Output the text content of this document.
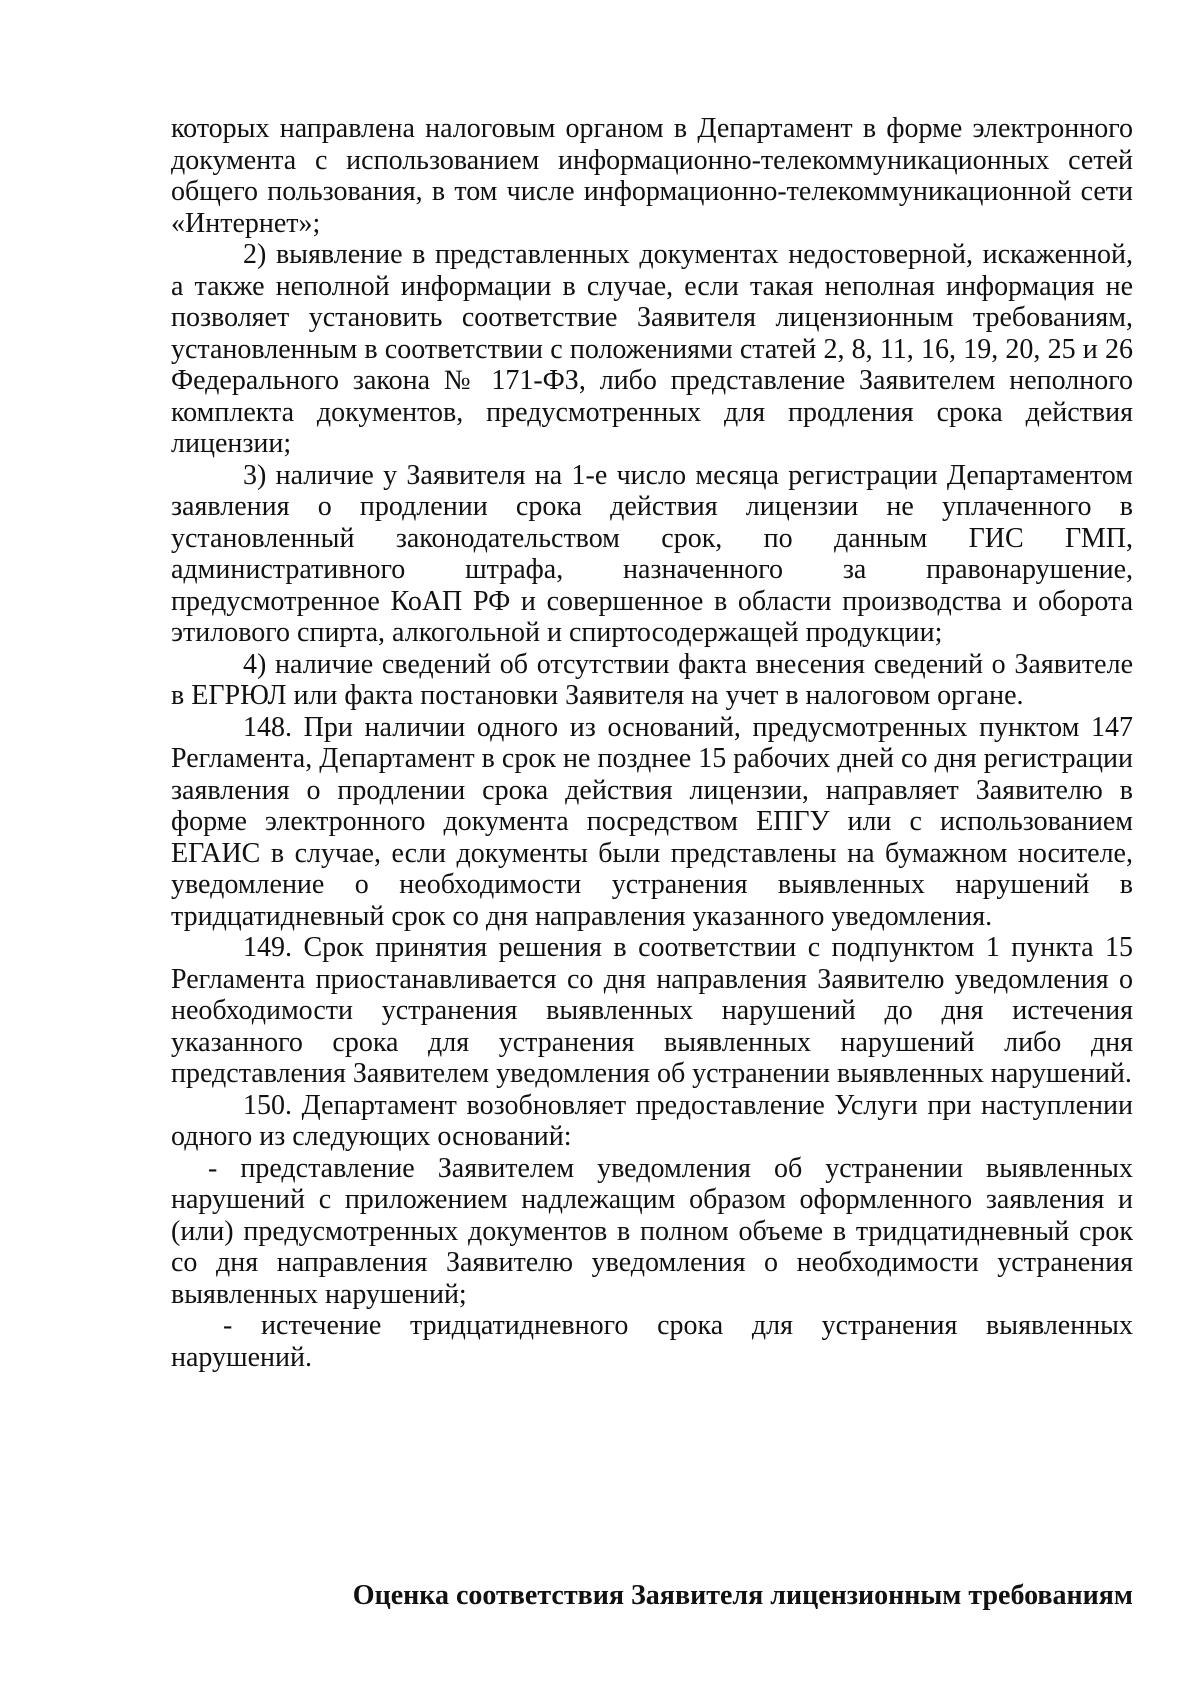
которых направлена налоговым органом в Департамент в форме электронного документа с использованием информационно-телекоммуникационных сетей общего пользования, в том числе информационно-телекоммуникационной сети «Интернет»;

2) выявление в представленных документах недостоверной, искаженной, а также неполной информации в случае, если такая неполная информация не позволяет установить соответствие Заявителя лицензионным требованиям, установленным в соответствии с положениями статей 2, 8, 11, 16, 19, 20, 25 и 26 Федерального закона № 171-ФЗ, либо представление Заявителем неполного комплекта документов, предусмотренных для продления срока действия лицензии;

3) наличие у Заявителя на 1-е число месяца регистрации Департаментом заявления о продлении срока действия лицензии не уплаченного в установленный законодательством срок, по данным ГИС ГМП, административного штрафа, назначенного за правонарушение, предусмотренное КоАП РФ и совершенное в области производства и оборота этилового спирта, алкогольной и спиртосодержащей продукции;

4) наличие сведений об отсутствии факта внесения сведений о Заявителе в ЕГРЮЛ или факта постановки Заявителя на учет в налоговом органе.

148. При наличии одного из оснований, предусмотренных пунктом 147 Регламента, Департамент в срок не позднее 15 рабочих дней со дня регистрации заявления о продлении срока действия лицензии, направляет Заявителю в форме электронного документа посредством ЕПГУ или с использованием ЕГАИС в случае, если документы были представлены на бумажном носителе, уведомление о необходимости устранения выявленных нарушений в тридцатидневный срок со дня направления указанного уведомления.

149. Срок принятия решения в соответствии с подпунктом 1 пункта 15 Регламента приостанавливается со дня направления Заявителю уведомления о необходимости устранения выявленных нарушений до дня истечения указанного срока для устранения выявленных нарушений либо дня представления Заявителем уведомления об устранении выявленных нарушений.

150. Департамент возобновляет предоставление Услуги при наступлении одного из следующих оснований:

- представление Заявителем уведомления об устранении выявленных нарушений с приложением надлежащим образом оформленного заявления и (или) предусмотренных документов в полном объеме в тридцатидневный срок со дня направления Заявителю уведомления о необходимости устранения выявленных нарушений;

- истечение тридцатидневного срока для устранения выявленных нарушений.

Оценка соответствия Заявителя лицензионным требованиям
